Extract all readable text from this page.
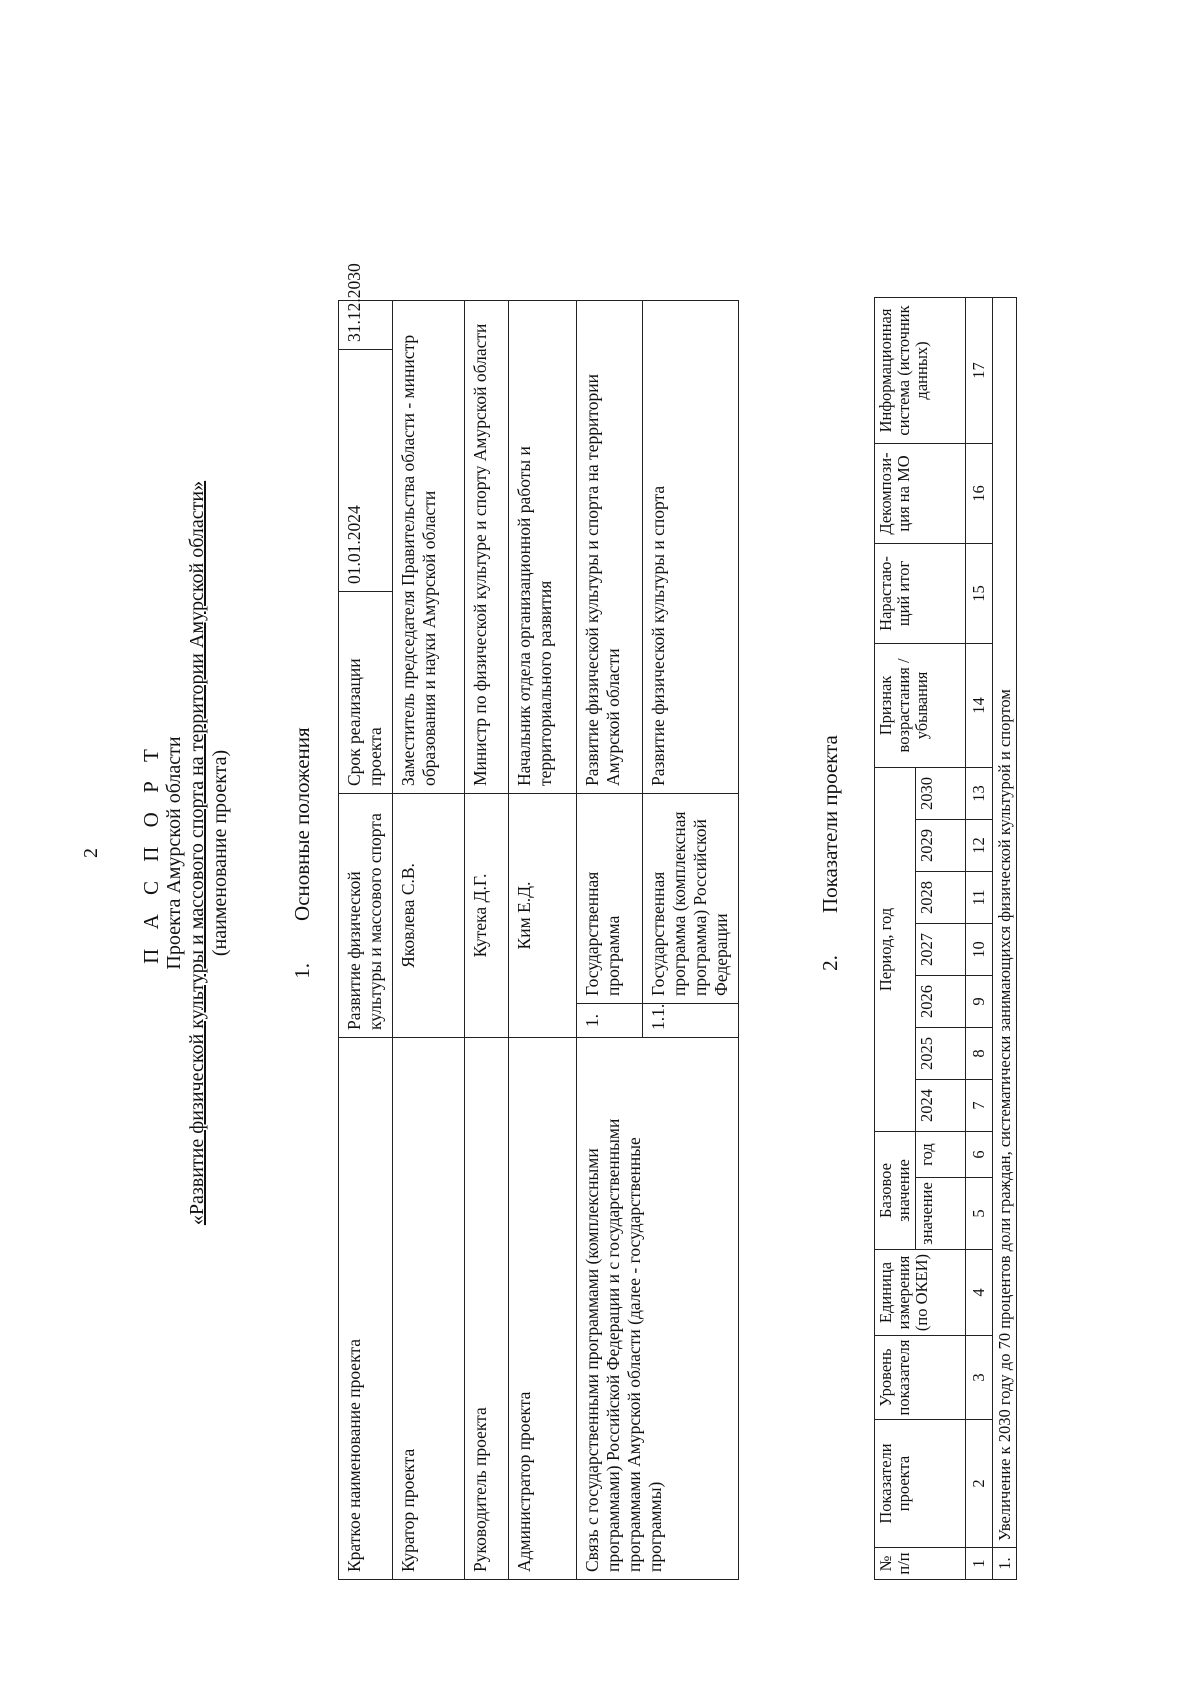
2 П А С П О Р Т Проекта Амурской области «Развитие физической культуры и массового спорта на территории Амурской области» (наименование проекта)	1.  Основные положения
Краткое наименование проекта	Развитие физической культуры и массового спорта		Срок реализации проекта	01.01.2024	31.12.2030
Куратор проекта	Яковлева С.В.		Заместитель председателя Правительства области - министр образования и науки Амурской области		
Руководитель проекта	Кутека Д.Г.		Министр по физической культуре и спорту Амурской области		
Администратор проекта	Ким Е.Д.		Начальник отдела организационной работы и территориального развития		
Связь с государственными программами (комплексными программами) Российской Федерации и с государственными программами Амурской области (далее - государственные программы)	1.	Государственная программа	Развитие физической культуры и спорта на территории Амурской области		
	1.1.	Государственная программа (комплексная программа) Российской Федерации	Развитие физической культуры и спорта		
2.  Показатели проекта
№ п/п	Показатели проекта	Уровень показателя	Единица измерения (по ОКЕИ)	Базовое значение		Период, год							Признак возрастания / убывания	Нарастаю- щий итог	Декомпози- ция на МО	Информационная система (источник данных)
				значение	год	2024	2025	2026	2027	2028	2029	2030				
1	2	3	4	5	6	7	8	9	10	11	12	13	14	15	16	17
1.	Увеличение к 2030 году до 70 процентов доли граждан, систематически занимающихся физической культурой и спортом															
